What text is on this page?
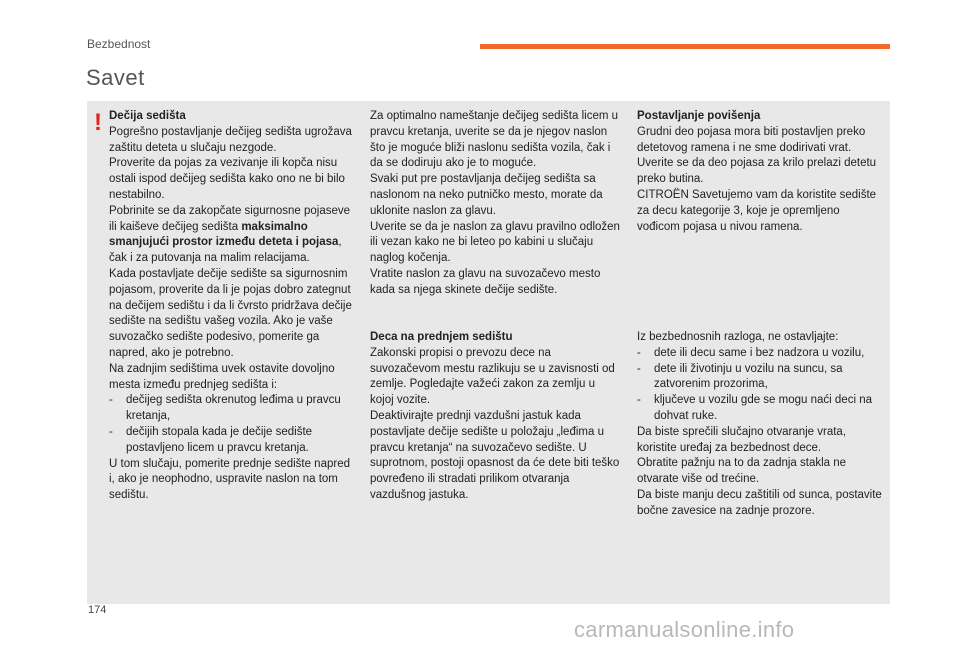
Bezbednost
Savet
! Dečija sedišta

Pogrešno postavljanje dečijeg sedišta ugrožava zaštitu deteta u slučaju nezgode.

Proverite da pojas za vezivanje ili kopča nisu ostali ispod dečijeg sedišta kako ono ne bi bilo nestabilno.

Pobrinite se da zakopčate sigurnosne pojaseve ili kaiševe dečijeg sedišta maksimalno smanjujući prostor između deteta i pojasa, čak i za putovanja na malim relacijama.

Kada postavljate dečije sedište sa sigurnosnim pojasom, proverite da li je pojas dobro zategnut na dečijem sedištu i da li čvrsto pridržava dečije sedište na sedištu vašeg vozila. Ako je vaše suvozačko sedište podesivo, pomerite ga napred, ako je potrebno.

Na zadnjim sedištima uvek ostavite dovoljno mesta između prednjeg sedišta i:

- dečijeg sedišta okrenutog leđima u pravcu kretanja,
- dečijih stopala kada je dečije sedište postavljeno licem u pravcu kretanja.

U tom slučaju, pomerite prednje sedište napred i, ako je neophodno, uspravite naslon na tom sedištu.

Za optimalno nameštanje dečijeg sedišta licem u pravcu kretanja, uverite se da je njegov naslon što je moguće bliži naslonu sedišta vozila, čak i da se dodiruju ako je to moguće.

Svaki put pre postavljanja dečijeg sedišta sa naslonom na neko putničko mesto, morate da uklonite naslon za glavu.

Uverite se da je naslon za glavu pravilno odložen ili vezan kako ne bi leteo po kabini u slučaju naglog kočenja.

Vratite naslon za glavu na suvozačevo mesto kada sa njega skinete dečije sedište.

Deca na prednjem sedištu

Zakonski propisi o prevozu dece na suvozačevom mestu razlikuju se u zavisnosti od zemlje. Pogledajte važeći zakon za zemlju u kojoj vozite.

Deaktivirajte prednji vazdušni jastuk kada postavljate dečije sedište u položaju „leđima u pravcu kretanja“ na suvozačevo sedište. U suprotnom, postoji opasnost da će dete biti teško povređeno ili stradati prilikom otvaranja vazdušnog jastuka.

Postavljanje povišenja

Grudni deo pojasa mora biti postavljen preko detetovog ramena i ne sme dodirivati vrat.

Uverite se da deo pojasa za krilo prelazi detetu preko butina.

CITROËN Savetujemo vam da koristite sedište za decu kategorije 3, koje je opremljeno vođicom pojasa u nivou ramena.

Iz bezbednosnih razloga, ne ostavljajte:

- dete ili decu same i bez nadzora u vozilu,
- dete ili životinju u vozilu na suncu, sa zatvorenim prozorima,
- ključeve u vozilu gde se mogu naći deci na dohvat ruke.

Da biste sprečili slučajno otvaranje vrata, koristite uređaj za bezbednost dece.

Obratite pažnju na to da zadnja stakla ne otvarate više od trećine.

Da biste manju decu zaštitili od sunca, postavite bočne zavesice na zadnje prozore.

174
carmanualsonline.info
